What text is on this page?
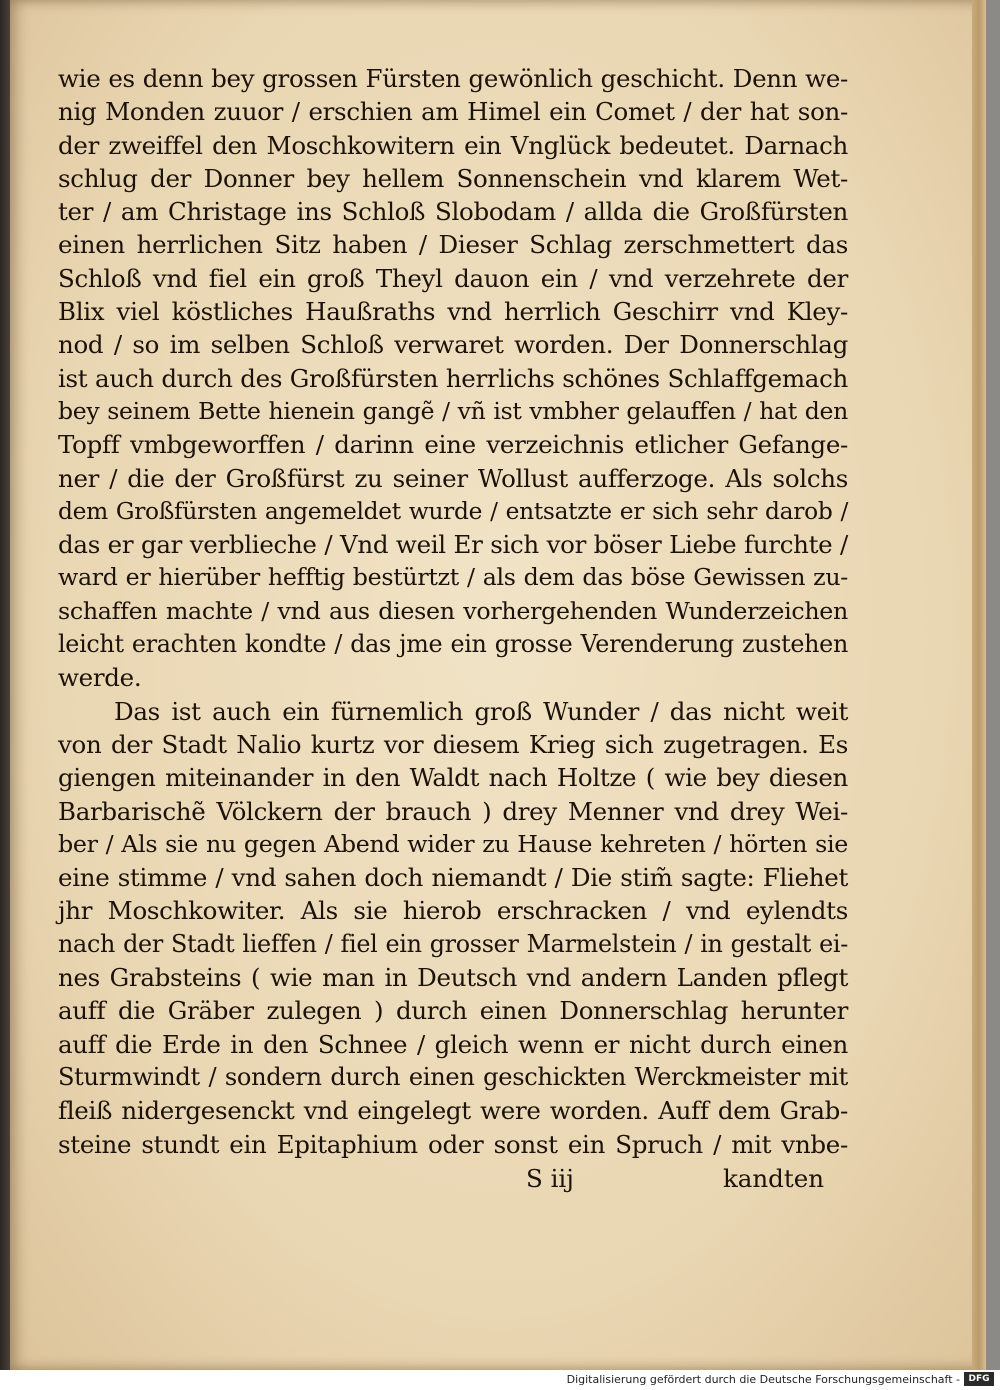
wie es denn bey grossen Fürsten gewönlich geschicht. Denn we-
nig Monden zuuor / erschien am Himel ein Comet / der hat son-
der zweiffel den Moschkowitern ein Vnglück bedeutet. Darnach
schlug der Donner bey hellem Sonnenschein vnd klarem Wet-
ter / am Christage ins Schloß Slobodam / allda die Großfürsten
einen herrlichen Sitz haben / Dieser Schlag zerschmettert das
Schloß vnd fiel ein groß Theyl dauon ein / vnd verzehrete der
Blix viel köstliches Haußraths vnd herrlich Geschirr vnd Kley-
nod / so im selben Schloß verwaret worden. Der Donnerschlag
ist auch durch des Großfürsten herrlichs schönes Schlaffgemach
bey seinem Bette hienein gangẽ / vñ ist vmbher gelauffen / hat den
Topff vmbgeworffen / darinn eine verzeichnis etlicher Gefange-
ner / die der Großfürst zu seiner Wollust aufferzoge. Als solchs
dem Großfürsten angemeldet wurde / entsatzte er sich sehr darob /
das er gar verblieche / Vnd weil Er sich vor böser Liebe furchte /
ward er hierüber hefftig bestürtzt / als dem das böse Gewissen zu-
schaffen machte / vnd aus diesen vorhergehenden Wunderzeichen
leicht erachten kondte / das jme ein grosse Verenderung zustehen
werde.
Das ist auch ein fürnemlich groß Wunder / das nicht weit
von der Stadt Nalio kurtz vor diesem Krieg sich zugetragen. Es
giengen miteinander in den Waldt nach Holtze ( wie bey diesen
Barbarischẽ Völckern der brauch ) drey Menner vnd drey Wei-
ber / Als sie nu gegen Abend wider zu Hause kehreten / hörten sie
eine stimme / vnd sahen doch niemandt / Die stim̃ sagte: Fliehet
jhr Moschkowiter. Als sie hierob erschracken / vnd eylendts
nach der Stadt lieffen / fiel ein grosser Marmelstein / in gestalt ei-
nes Grabsteins ( wie man in Deutsch vnd andern Landen pflegt
auff die Gräber zulegen ) durch einen Donnerschlag herunter
auff die Erde in den Schnee / gleich wenn er nicht durch einen
Sturmwindt / sondern durch einen geschickten Werckmeister mit
fleiß nidergesenckt vnd eingelegt were worden. Auff dem Grab-
steine stundt ein Epitaphium oder sonst ein Spruch / mit vnbe-
S iij	kandten
Digitalisierung gefördert durch die Deutsche Forschungsgemeinschaft - DFG
